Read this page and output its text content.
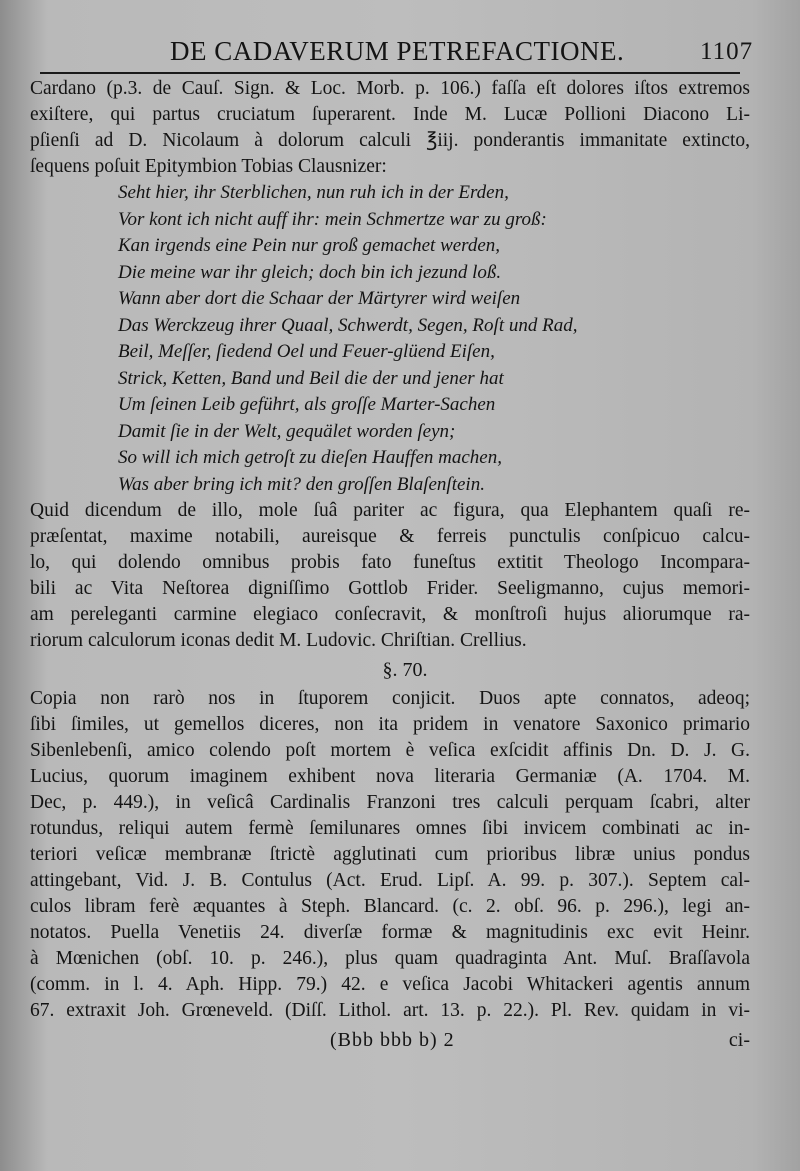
DE CADAVERUM PETREFACTIONE.	1107
Cardano (p.3. de Cauſ. Sign. & Loc. Morb. p. 106.) faſſa eſt dolores iſtos extremos
exiſtere, qui partus cruciatum ſuperarent. Inde M. Lucæ Pollioni Diacono Li-
pſienſi ad D. Nicolaum à dolorum calculi ℥iij. ponderantis immanitate extincto,
ſequens poſuit Epitymbion Tobias Clausnizer:
Seht hier, ihr Sterblichen, nun ruh ich in der Erden,
Vor kont ich nicht auff ihr: mein Schmertze war zu groß:
Kan irgends eine Pein nur groß gemachet werden,
Die meine war ihr gleich; doch bin ich jezund loß.
Wann aber dort die Schaar der Märtyrer wird weiſen
Das Werckzeug ihrer Quaal, Schwerdt, Segen, Roſt und Rad,
Beil, Meſſer, ſiedend Oel und Feuer-glüend Eiſen,
Strick, Ketten, Band und Beil die der und jener hat
Um ſeinen Leib geführt, als groſſe Marter-Sachen
Damit ſie in der Welt, gequälet worden ſeyn;
So will ich mich getroſt zu dieſen Hauffen machen,
Was aber bring ich mit? den groſſen Blaſenſtein.
Quid dicendum de illo, mole ſuâ pariter ac figura, qua Elephantem quaſi re-
præſentat, maxime notabili, aureisque & ferreis punctulis conſpicuo calcu-
lo, qui dolendo omnibus probis fato funeſtus extitit Theologo Incompara-
bili ac Vita Neſtorea digniſſimo Gottlob Frider. Seeligmanno, cujus memori-
am pereleganti carmine elegiaco conſecravit, & monſtroſi hujus aliorumque ra-
riorum calculorum iconas dedit M. Ludovic. Chriſtian. Crellius.
§. 70.
Copia non rarò nos in ſtuporem conjicit. Duos apte connatos, adeoq;
ſibi ſimiles, ut gemellos diceres, non ita pridem in venatore Saxonico primario
Sibenlebenſi, amico colendo poſt mortem è veſica exſcidit affinis Dn. D. J. G.
Lucius, quorum imaginem exhibent nova literaria Germaniæ (A. 1704. M.
Dec, p. 449.), in veſicâ Cardinalis Franzoni tres calculi perquam ſcabri, alter
rotundus, reliqui autem fermè ſemilunares omnes ſibi invicem combinati ac in-
teriori veſicæ membranæ ſtrictè agglutinati cum prioribus libræ unius pondus
attingebant, Vid. J. B. Contulus (Act. Erud. Lipſ. A. 99. p. 307.). Septem cal-
culos libram ferè æquantes à Steph. Blancard. (c. 2. obſ. 96. p. 296.), legi an-
notatos. Puella Venetiis 24. diverſæ formæ & magnitudinis exc evit Heinr.
à Mœnichen (obſ. 10. p. 246.), plus quam quadraginta Ant. Muſ. Braſſavola
(comm. in l. 4. Aph. Hipp. 79.) 42. e veſica Jacobi Whitackeri agentis annum
67. extraxit Joh. Grœneveld. (Diſſ. Lithol. art. 13. p. 22.). Pl. Rev. quidam in vi-
(Bbb bbb b) 2	ci-
